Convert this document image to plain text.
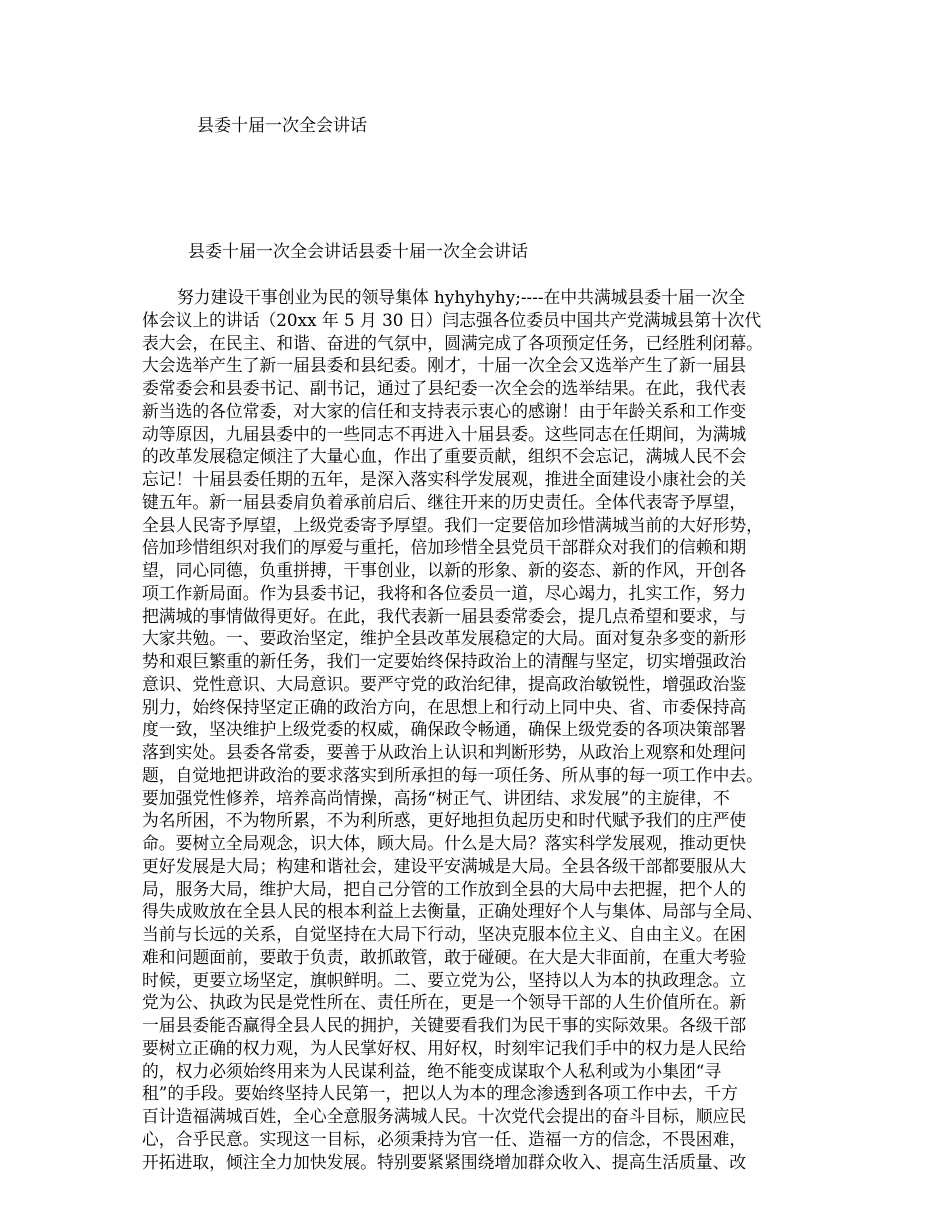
县委十届一次全会讲话
县委十届一次全会讲话县委十届一次全会讲话
努力建设干事创业为民的领导集体 hyhyhyhy;----在中共满城县委十届一次全
体会议上的讲话（20xx 年 5 月 30 日）闫志强各位委员中国共产党满城县第十次代
表大会，在民主、和谐、奋进的气氛中，圆满完成了各项预定任务，已经胜利闭幕。
大会选举产生了新一届县委和县纪委。刚才，十届一次全会又选举产生了新一届县
委常委会和县委书记、副书记，通过了县纪委一次全会的选举结果。在此，我代表
新当选的各位常委，对大家的信任和支持表示衷心的感谢！由于年龄关系和工作变
动等原因，九届县委中的一些同志不再进入十届县委。这些同志在任期间，为满城
的改革发展稳定倾注了大量心血，作出了重要贡献，组织不会忘记，满城人民不会
忘记！十届县委任期的五年，是深入落实科学发展观，推进全面建设小康社会的关
键五年。新一届县委肩负着承前启后、继往开来的历史责任。全体代表寄予厚望，
全县人民寄予厚望，上级党委寄予厚望。我们一定要倍加珍惜满城当前的大好形势，
倍加珍惜组织对我们的厚爱与重托，倍加珍惜全县党员干部群众对我们的信赖和期
望，同心同德，负重拼搏，干事创业，以新的形象、新的姿态、新的作风，开创各
项工作新局面。作为县委书记，我将和各位委员一道，尽心竭力，扎实工作，努力
把满城的事情做得更好。在此，我代表新一届县委常委会，提几点希望和要求，与
大家共勉。一、要政治坚定，维护全县改革发展稳定的大局。面对复杂多变的新形
势和艰巨繁重的新任务，我们一定要始终保持政治上的清醒与坚定，切实增强政治
意识、党性意识、大局意识。要严守党的政治纪律，提高政治敏锐性，增强政治鉴
别力，始终保持坚定正确的政治方向，在思想上和行动上同中央、省、市委保持高
度一致，坚决维护上级党委的权威，确保政令畅通，确保上级党委的各项决策部署
落到实处。县委各常委，要善于从政治上认识和判断形势，从政治上观察和处理问
题，自觉地把讲政治的要求落实到所承担的每一项任务、所从事的每一项工作中去。
要加强党性修养，培养高尚情操，高扬“树正气、讲团结、求发展”的主旋律，不
为名所困，不为物所累，不为利所惑，更好地担负起历史和时代赋予我们的庄严使
命。要树立全局观念，识大体，顾大局。什么是大局？落实科学发展观，推动更快
更好发展是大局；构建和谐社会，建设平安满城是大局。全县各级干部都要服从大
局，服务大局，维护大局，把自己分管的工作放到全县的大局中去把握，把个人的
得失成败放在全县人民的根本利益上去衡量，正确处理好个人与集体、局部与全局、
当前与长远的关系，自觉坚持在大局下行动，坚决克服本位主义、自由主义。在困
难和问题面前，要敢于负责，敢抓敢管，敢于碰硬。在大是大非面前，在重大考验
时候，更要立场坚定，旗帜鲜明。二、要立党为公，坚持以人为本的执政理念。立
党为公、执政为民是党性所在、责任所在，更是一个领导干部的人生价值所在。新
一届县委能否赢得全县人民的拥护，关键要看我们为民干事的实际效果。各级干部
要树立正确的权力观，为人民掌好权、用好权，时刻牢记我们手中的权力是人民给
的，权力必须始终用来为人民谋利益，绝不能变成谋取个人私利或为小集团“寻
租”的手段。要始终坚持人民第一，把以人为本的理念渗透到各项工作中去，千方
百计造福满城百姓，全心全意服务满城人民。十次党代会提出的奋斗目标，顺应民
心，合乎民意。实现这一目标，必须秉持为官一任、造福一方的信念，不畏困难，
开拓进取，倾注全力加快发展。特别要紧紧围绕增加群众收入、提高生活质量、改
